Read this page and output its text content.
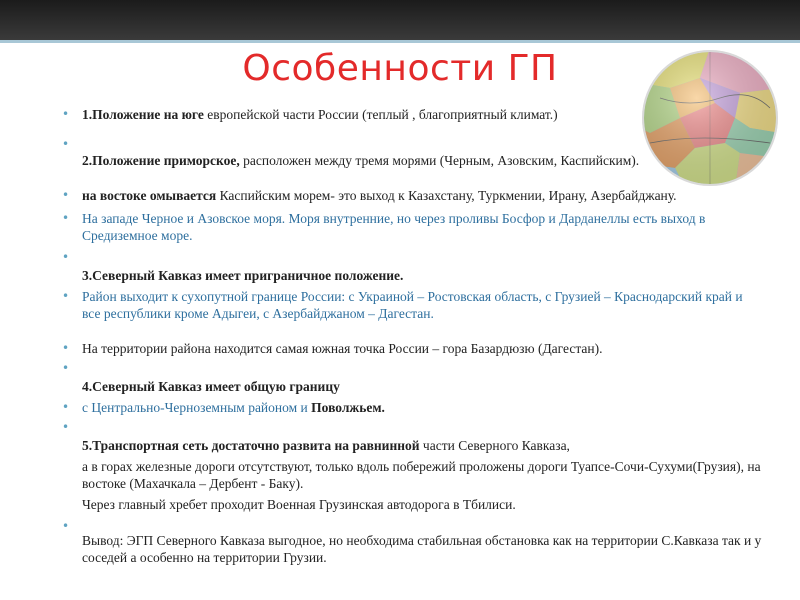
Особенности ГП

• 1.Положение на юге европейской части России (теплый , благоприятный климат.)

•

2.Положение приморское, расположен между тремя морями (Черным, Азовским, Каспийским).

• на востоке омывается Каспийским морем- это выход к Казахстану, Туркмении, Ирану, Азербайджану.

• На западе Черное и Азовское моря. Моря внутренние, но через проливы Босфор и Дарданеллы есть выход в Средиземное море.

•

3.Северный Кавказ имеет приграничное положение.

• Район выходит к сухопутной границе России: с Украиной – Ростовская область, с Грузией – Краснодарский край и все республики кроме Адыгеи, с Азербайджаном – Дагестан.

• На территории района находится самая южная точка России – гора Базардюзю (Дагестан).

•

4.Северный Кавказ имеет общую границу

• с Центрально-Черноземным районом и Поволжьем.

•

5.Транспортная сеть достаточно развита на равнинной части Северного Кавказа,

а в горах железные дороги отсутствуют, только вдоль побережий проложены дороги Туапсе-Сочи-Сухуми(Грузия), на востоке (Махачкала – Дербент - Баку).

Через главный хребет проходит Военная Грузинская автодорога в Тбилиси.

•

Вывод: ЭГП Северного Кавказа выгодное, но необходима стабильная обстановка как на территории С.Кавказа так и у соседей а особенно на территории Грузии.
